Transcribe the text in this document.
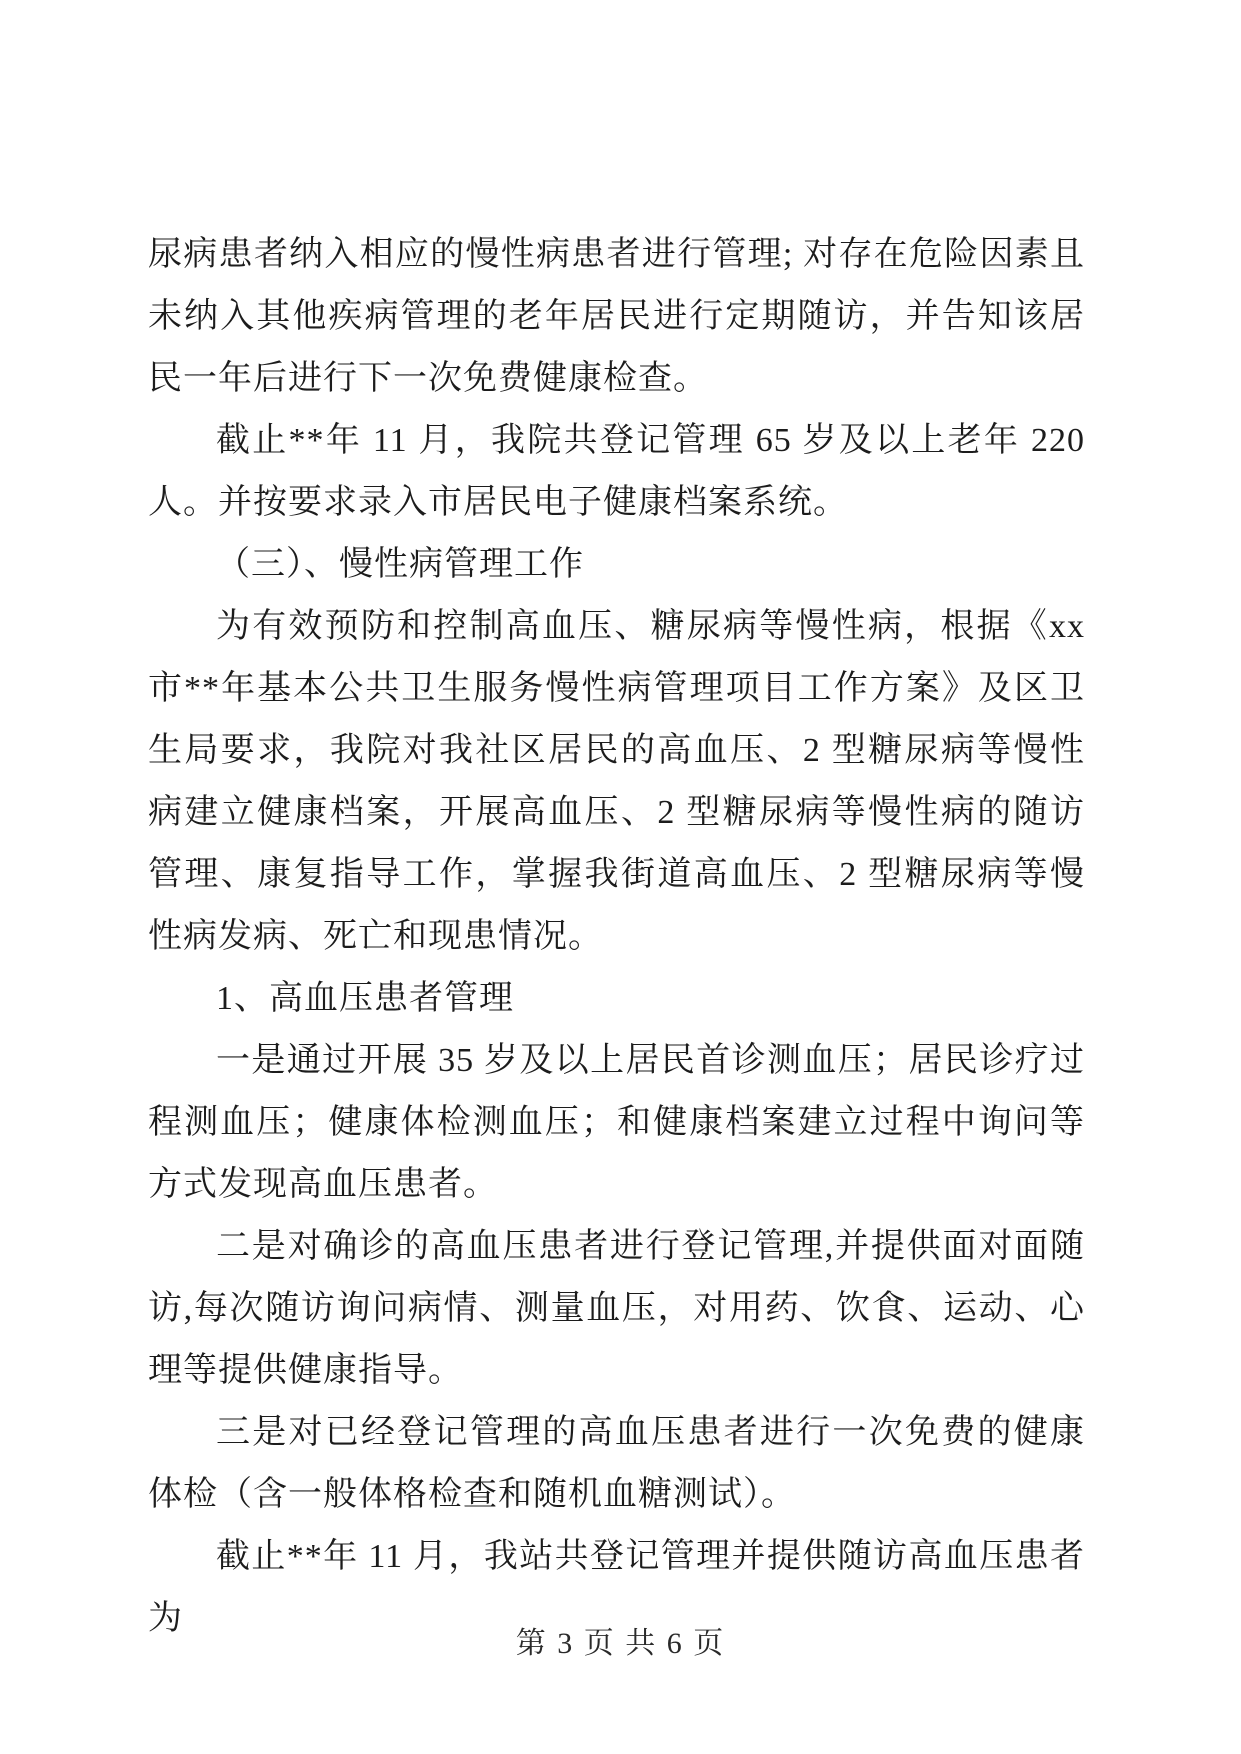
尿病患者纳入相应的慢性病患者进行管理; 对存在危险因素且未纳入其他疾病管理的老年居民进行定期随访，并告知该居民一年后进行下一次免费健康检查。

截止**年 11 月，我院共登记管理 65 岁及以上老年 220 人。并按要求录入市居民电子健康档案系统。

（三）、慢性病管理工作

为有效预防和控制高血压、糖尿病等慢性病，根据《xx 市**年基本公共卫生服务慢性病管理项目工作方案》及区卫生局要求，我院对我社区居民的高血压、2 型糖尿病等慢性病建立健康档案，开展高血压、2 型糖尿病等慢性病的随访管理、康复指导工作，掌握我街道高血压、2 型糖尿病等慢性病发病、死亡和现患情况。

1、高血压患者管理

一是通过开展 35 岁及以上居民首诊测血压；居民诊疗过程测血压；健康体检测血压；和健康档案建立过程中询问等方式发现高血压患者。

二是对确诊的高血压患者进行登记管理,并提供面对面随访,每次随访询问病情、测量血压，对用药、饮食、运动、心理等提供健康指导。

三是对已经登记管理的高血压患者进行一次免费的健康体检（含一般体格检查和随机血糖测试）。

截止**年 11 月，我站共登记管理并提供随访高血压患者为

第 3 页 共 6 页
